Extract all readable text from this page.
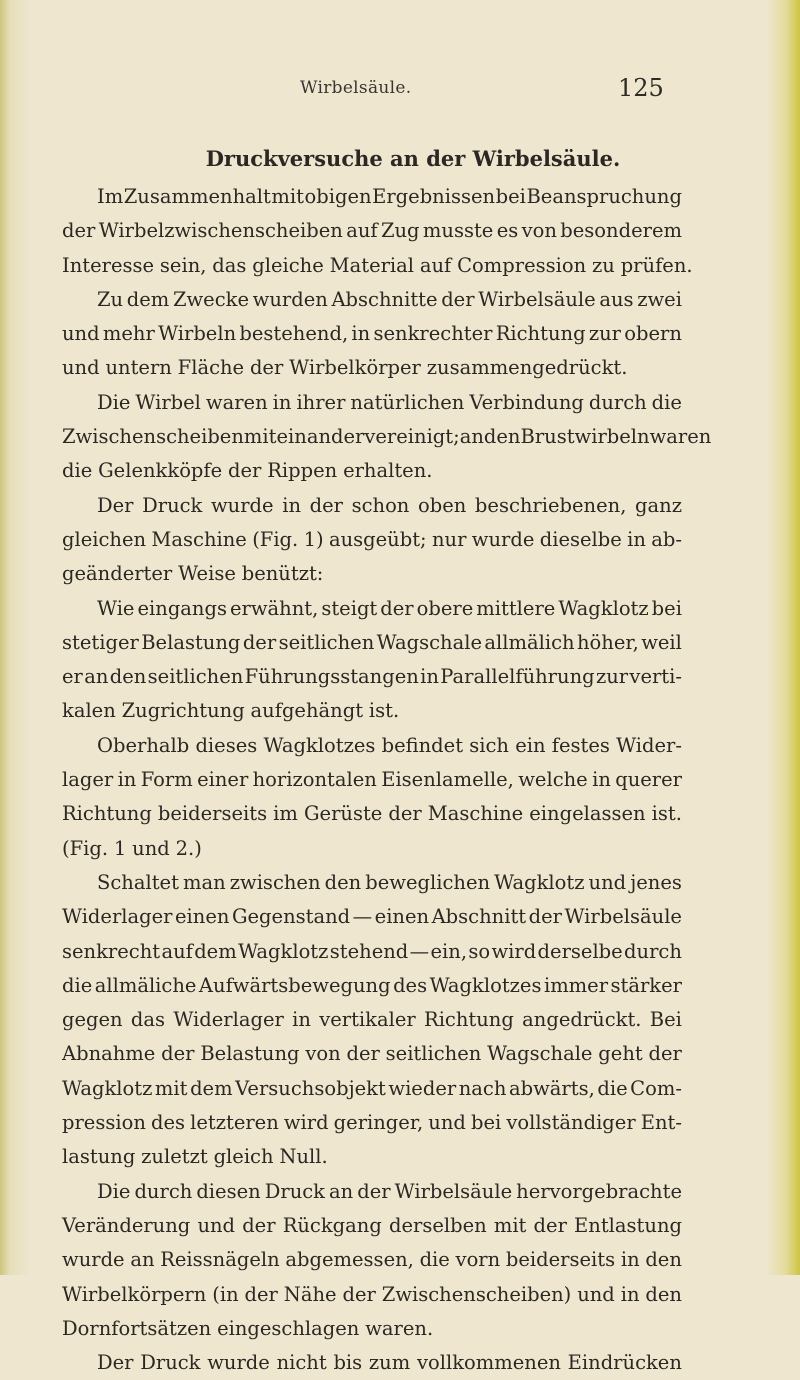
Wirbelsäule.	125
Druckversuche an der Wirbelsäule.
Im Zusammenhalt mit obigen Ergebnissen bei Beanspruchung
der Wirbelzwischenscheiben auf Zug musste es von besonderem
Interesse sein, das gleiche Material auf Compression zu prüfen.
Zu dem Zwecke wurden Abschnitte der Wirbelsäule aus zwei
und mehr Wirbeln bestehend, in senkrechter Richtung zur obern
und untern Fläche der Wirbelkörper zusammengedrückt.
Die Wirbel waren in ihrer natürlichen Verbindung durch die
Zwischenscheiben miteinander vereinigt; an den Brustwirbeln waren
die Gelenkköpfe der Rippen erhalten.
Der Druck wurde in der schon oben beschriebenen, ganz
gleichen Maschine (Fig. 1) ausgeübt; nur wurde dieselbe in ab-
geänderter Weise benützt:
Wie eingangs erwähnt, steigt der obere mittlere Wagklotz bei
stetiger Belastung der seitlichen Wagschale allmälich höher, weil
er an den seitlichen Führungsstangen in Parallelführung zur verti-
kalen Zugrichtung aufgehängt ist.
Oberhalb dieses Wagklotzes befindet sich ein festes Wider-
lager in Form einer horizontalen Eisenlamelle, welche in querer
Richtung beiderseits im Gerüste der Maschine eingelassen ist.
(Fig. 1 und 2.)
Schaltet man zwischen den beweglichen Wagklotz und jenes
Widerlager einen Gegenstand — einen Abschnitt der Wirbelsäule
senkrecht auf dem Wagklotz stehend — ein, so wird derselbe durch
die allmäliche Aufwärtsbewegung des Wagklotzes immer stärker
gegen das Widerlager in vertikaler Richtung angedrückt. Bei
Abnahme der Belastung von der seitlichen Wagschale geht der
Wagklotz mit dem Versuchsobjekt wieder nach abwärts, die Com-
pression des letzteren wird geringer, und bei vollständiger Ent-
lastung zuletzt gleich Null.
Die durch diesen Druck an der Wirbelsäule hervorgebrachte
Veränderung und der Rückgang derselben mit der Entlastung
wurde an Reissnägeln abgemessen, die vorn beiderseits in den
Wirbelkörpern (in der Nähe der Zwischenscheiben) und in den
Dornfortsätzen eingeschlagen waren.
Der Druck wurde nicht bis zum vollkommenen Eindrücken
